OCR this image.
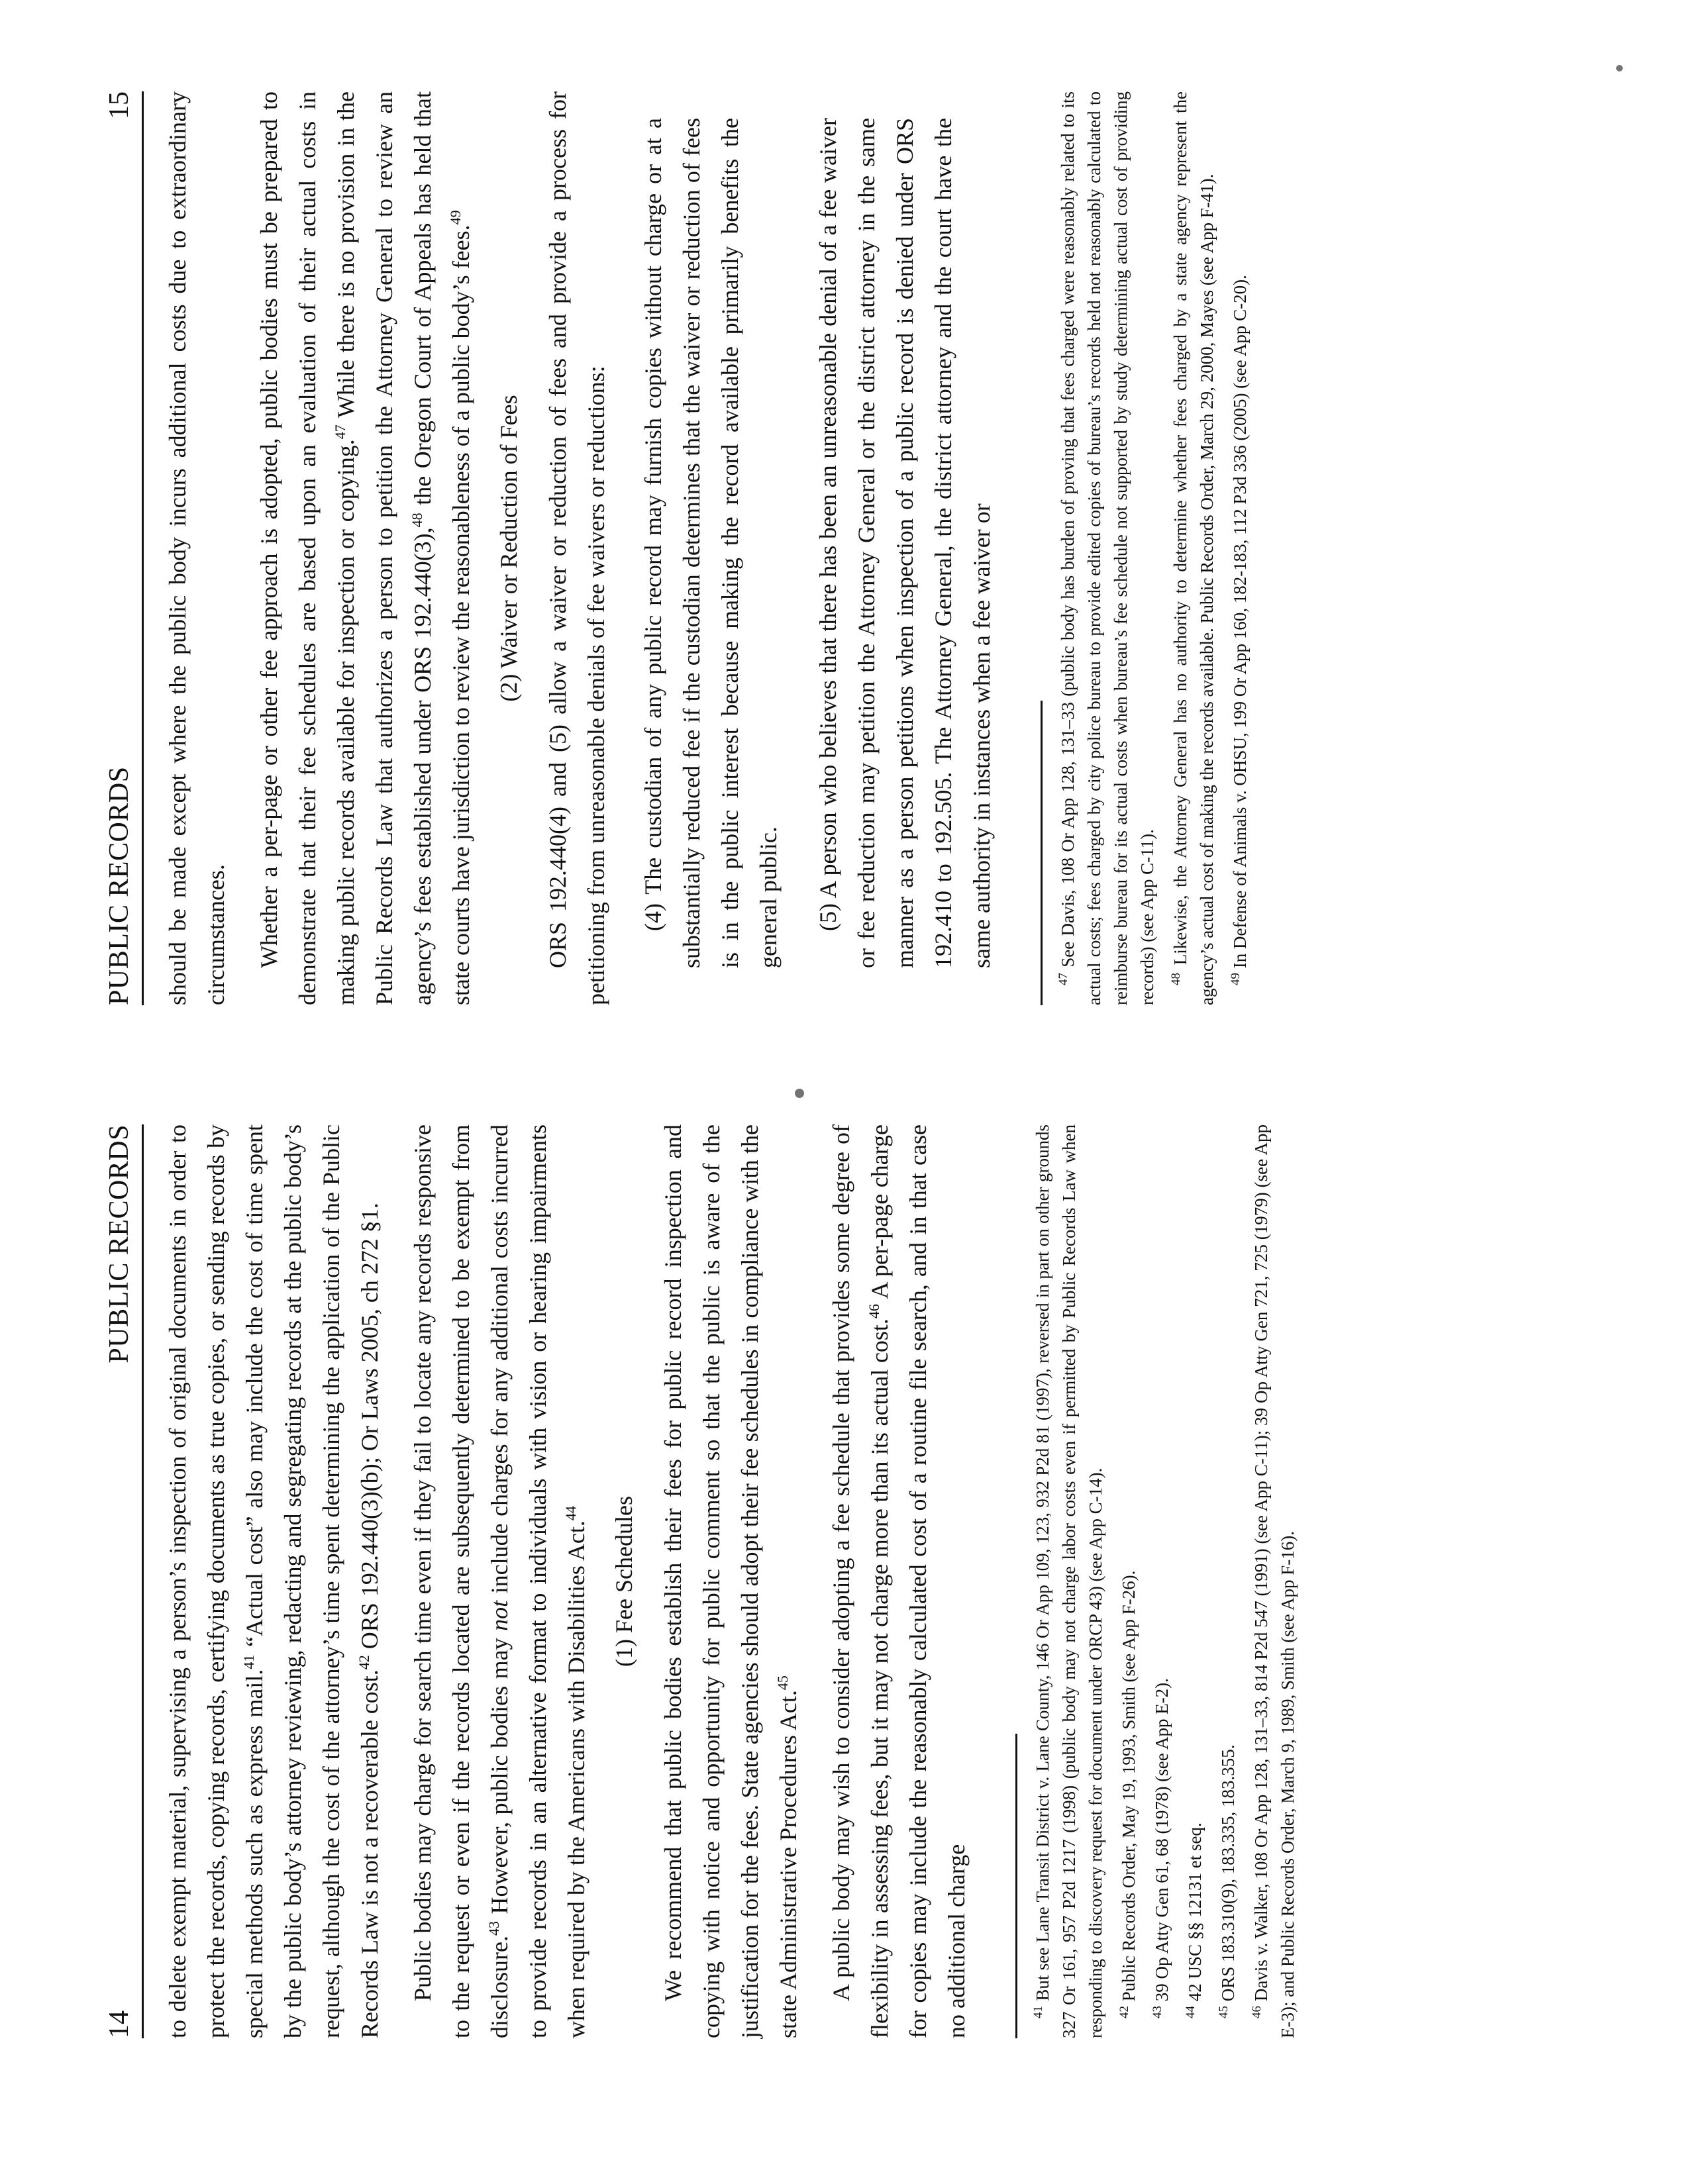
14
PUBLIC RECORDS to delete exempt material, supervising a person’s inspection of original documents in order to protect the records, copying records, certifying documents as true copies, or sending records by special methods such as express mail.$^{41}$ “Actual cost” also may include the cost of time spent by the public body’s attorney reviewing, redacting and segregating records at the public body’s request, although the cost of the attorney’s time spent determining the application of the Public Records Law is not a recoverable cost.$^{42}$ ORS 192.440(3)(b); Or Laws 2005, ch 272 §1. Public bodies may charge for search time even if they fail to locate any records responsive to the request or even if the records located are subsequently determined to be exempt from disclosure.$^{43}$ However, public bodies may not include charges for any additional costs incurred to provide records in an alternative format to individuals with vision or hearing impairments when required by the Americans with Disabilities Act.$^{44}$	(1) Fee Schedules We recommend that public bodies establish their fees for public record inspection and copying with notice and opportunity for public comment so that the public is aware of the justification for the fees. State agencies should adopt their fee schedules in compliance with the state Administrative Procedures Act.$^{45}$	A public body may wish to consider adopting a fee schedule that provides some degree of flexibility in assessing fees, but it may not charge more than its actual cost.$^{46}$ A per-page charge for copies may include the reasonably calculated cost of a routine file search, and in that case no additional charge	$^{41}$ But see Lane Transit District v. Lane County, 146 Or App 109, 123, 932 P2d 81 (1997), reversed in part on other grounds 327 Or 161, 957 P2d 1217 (1998) (public body may not charge labor costs even if permitted by Public Records Law when responding to discovery request for document under ORCP 43) (see App C-14). $^{42}$ Public Records Order, May 19, 1993, Smith (see App F-26).
$^{43}$ 39 Op Atty Gen 61, 68 (1978) (see App E-2).
$^{44}$ 42 USC §§ 12131 et seq.
$^{45}$ ORS 183.310(9), 183.335, 183.355.
$^{46}$ Davis v. Walker, 108 Or App 128, 131–33, 814 P2d 547 (1991) (see App C-11); 39 Op Atty Gen 721, 725 (1979) (see App E-3); and Public Records Order, March 9, 1989, Smith (see App F-16).
PUBLIC RECORDS
15 should be made except where the public body incurs additional costs due to extraordinary circumstances. Whether a per-page or other fee approach is adopted, public bodies must be prepared to demonstrate that their fee schedules are based upon an evaluation of their actual costs in making public records available for inspection or copying.$^{47}$ While there is no provision in the Public Records Law that authorizes a person to petition the Attorney General to review an agency’s fees established under ORS 192.440(3),$^{48}$ the Oregon Court of Appeals has held that state courts have jurisdiction to review the reasonableness of a public body’s fees.$^{49}$

(2) Waiver or Reduction of Fees ORS 192.440(4) and (5) allow a waiver or reduction of fees and provide a process for petitioning from unreasonable denials of fee waivers or reductions: (4) The custodian of any public record may furnish copies without charge or at a substantially reduced fee if the custodian determines that the waiver or reduction of fees is in the public interest because making the record available primarily benefits the general public. (5) A person who believes that there has been an unreasonable denial of a fee waiver or fee reduction may petition the Attorney General or the district attorney in the same manner as a person petitions when inspection of a public record is denied under ORS 192.410 to 192.505. The Attorney General, the district attorney and the court have the same authority in instances when a fee waiver or

$^{47}$ See Davis, 108 Or App 128, 131–33 (public body has burden of proving that fees charged were reasonably related to its actual costs; fees charged by city police bureau to provide edited copies of bureau’s records held not reasonably calculated to reimburse bureau for its actual costs when bureau’s fee schedule not supported by study determining actual cost of providing records) (see App C-11). $^{48}$ Likewise, the Attorney General has no authority to determine whether fees charged by a state agency represent the agency’s actual cost of making the records available. Public Records Order, March 29, 2000, Mayes (see App F-41). $^{49}$ In Defense of Animals v. OHSU, 199 Or App 160, 182-183, 112 P3d 336 (2005) (see App C-20).
